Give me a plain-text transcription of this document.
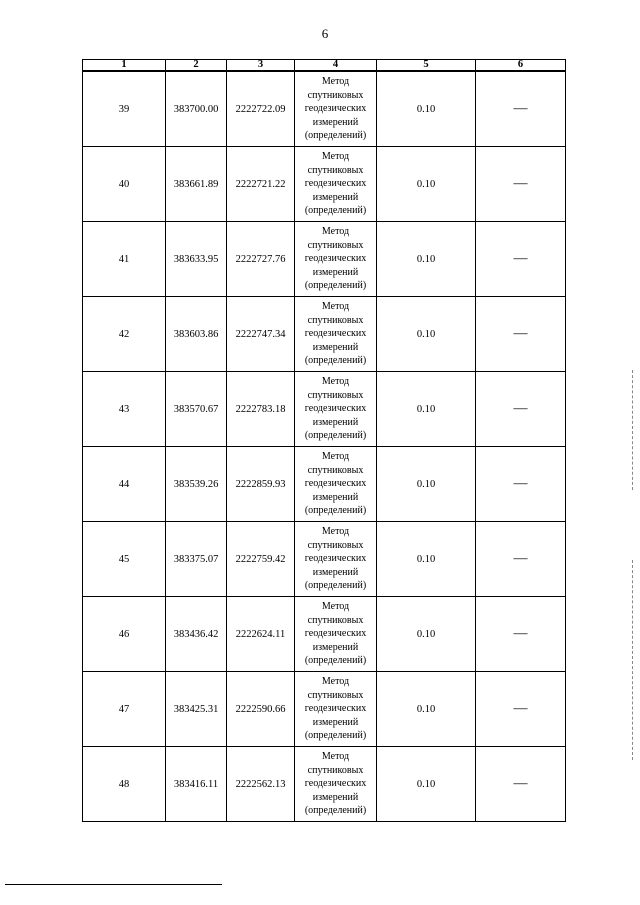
6
1	2	3	4	5	6
39	383700.00	2222722.09	Метод
спутниковых
геодезических
измерений
(определений)	0.10	—
40	383661.89	2222721.22	Метод
спутниковых
геодезических
измерений
(определений)	0.10	—
41	383633.95	2222727.76	Метод
спутниковых
геодезических
измерений
(определений)	0.10	—
42	383603.86	2222747.34	Метод
спутниковых
геодезических
измерений
(определений)	0.10	—
43	383570.67	2222783.18	Метод
спутниковых
геодезических
измерений
(определений)	0.10	—
44	383539.26	2222859.93	Метод
спутниковых
геодезических
измерений
(определений)	0.10	—
45	383375.07	2222759.42	Метод
спутниковых
геодезических
измерений
(определений)	0.10	—
46	383436.42	2222624.11	Метод
спутниковых
геодезических
измерений
(определений)	0.10	—
47	383425.31	2222590.66	Метод
спутниковых
геодезических
измерений
(определений)	0.10	—
48	383416.11	2222562.13	Метод
спутниковых
геодезических
измерений
(определений)	0.10	—
